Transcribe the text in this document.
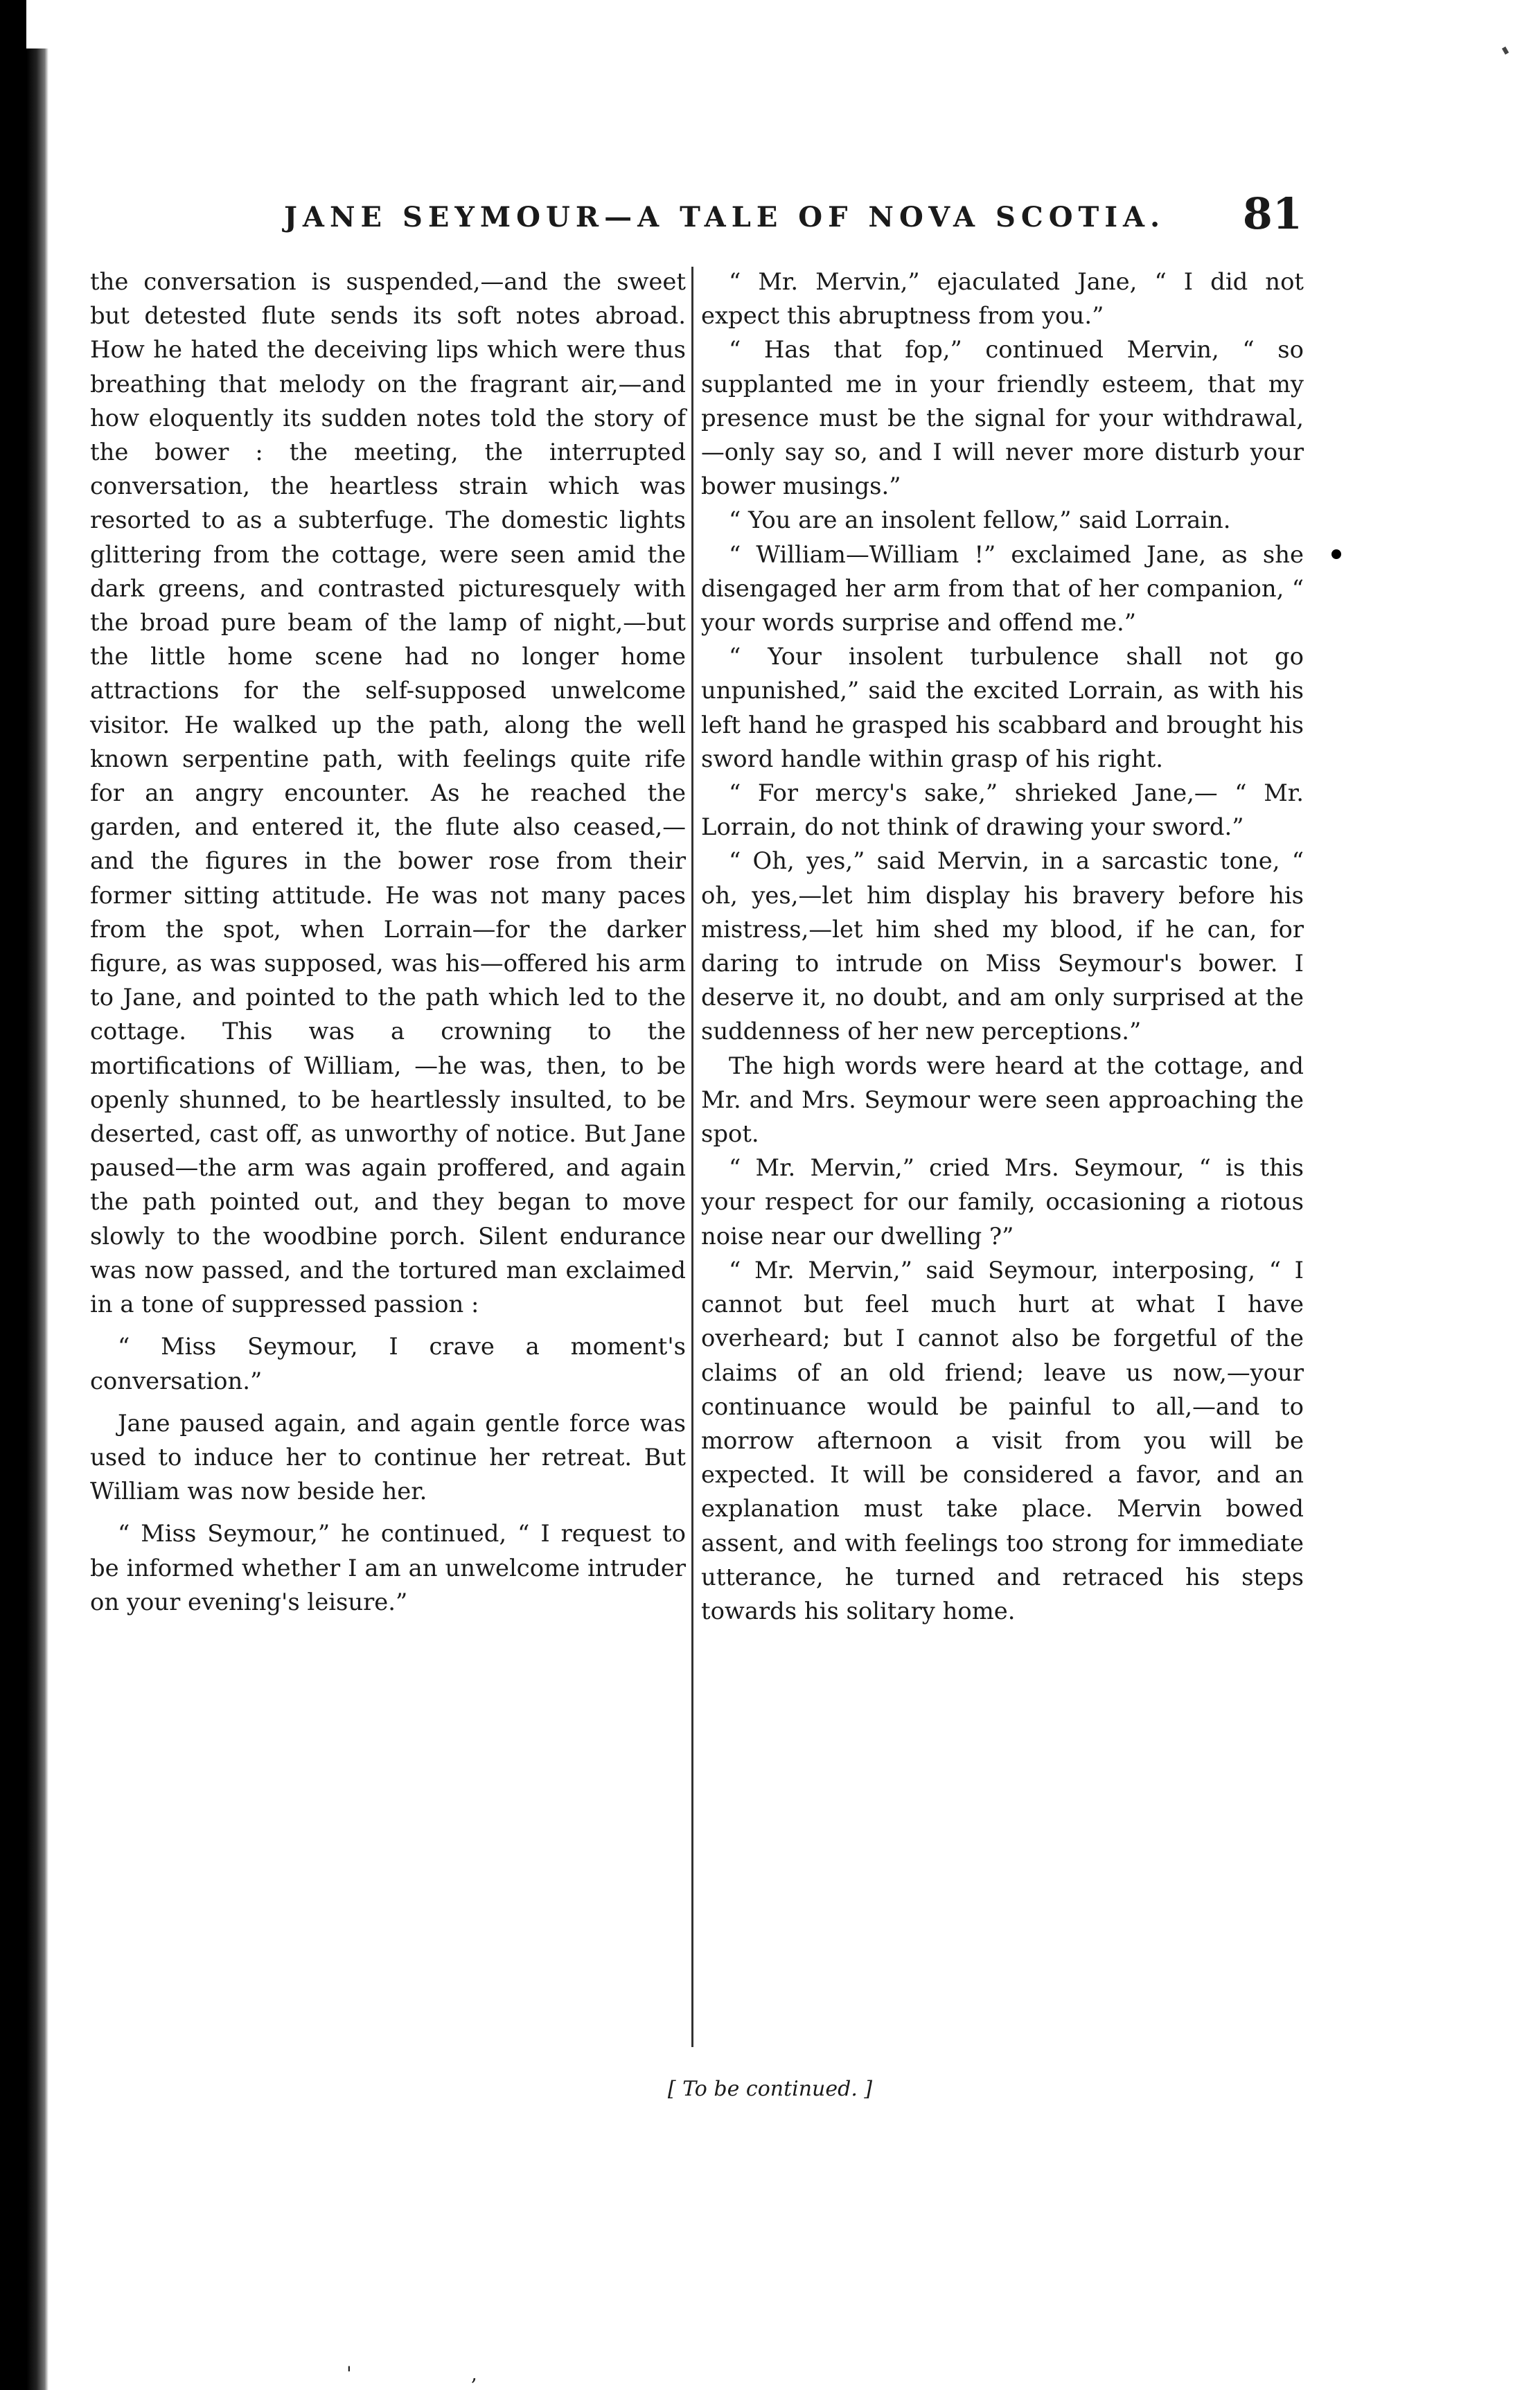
JANE SEYMOUR—A TALE OF NOVA SCOTIA. 81

the conversation is suspended,—and the sweet but detested flute sends its soft notes abroad. How he hated the deceiving lips which were thus breathing that melody on the fragrant air,—and how eloquently its sudden notes told the story of the bower : the meeting, the interrupted conversation, the heartless strain which was resorted to as a subterfuge. The domestic lights glittering from the cottage, were seen amid the dark greens, and contrasted picturesquely with the broad pure beam of the lamp of night,—but the little home scene had no longer home attractions for the self-supposed unwelcome visitor. He walked up the path, along the well known serpentine path, with feelings quite rife for an angry encounter. As he reached the garden, and entered it, the flute also ceased,—and the figures in the bower rose from their former sitting attitude. He was not many paces from the spot, when Lorrain—for the darker figure, as was supposed, was his—offered his arm to Jane, and pointed to the path which led to the cottage. This was a crowning to the mortifications of William, —he was, then, to be openly shunned, to be heartlessly insulted, to be deserted, cast off, as unworthy of notice. But Jane paused—the arm was again proffered, and again the path pointed out, and they began to move slowly to the woodbine porch. Silent endurance was now passed, and the tortured man exclaimed in a tone of suppressed passion :

“ Miss Seymour, I crave a moment's conversation.”

Jane paused again, and again gentle force was used to induce her to continue her retreat. But William was now beside her.

“ Miss Seymour,” he continued, “ I request to be informed whether I am an unwelcome intruder on your evening's leisure.”

“ Mr. Mervin,” ejaculated Jane, “ I did not expect this abruptness from you.”

“ Has that fop,” continued Mervin, “ so supplanted me in your friendly esteem, that my presence must be the signal for your withdrawal,—only say so, and I will never more disturb your bower musings.”

“ You are an insolent fellow,” said Lorrain.

“ William—William !” exclaimed Jane, as she disengaged her arm from that of her companion, “ your words surprise and offend me.”

“ Your insolent turbulence shall not go unpunished,” said the excited Lorrain, as with his left hand he grasped his scabbard and brought his sword handle within grasp of his right.

“ For mercy's sake,” shrieked Jane,— “ Mr. Lorrain, do not think of drawing your sword.”

“ Oh, yes,” said Mervin, in a sarcastic tone, “ oh, yes,—let him display his bravery before his mistress,—let him shed my blood, if he can, for daring to intrude on Miss Seymour's bower. I deserve it, no doubt, and am only surprised at the suddenness of her new perceptions.”

The high words were heard at the cottage, and Mr. and Mrs. Seymour were seen approaching the spot.

“ Mr. Mervin,” cried Mrs. Seymour, “ is this your respect for our family, occasioning a riotous noise near our dwelling ?”

“ Mr. Mervin,” said Seymour, interposing, “ I cannot but feel much hurt at what I have overheard; but I cannot also be forgetful of the claims of an old friend; leave us now,—your continuance would be painful to all,—and to morrow afternoon a visit from you will be expected. It will be considered a favor, and an explanation must take place. Mervin bowed assent, and with feelings too strong for immediate utterance, he turned and retraced his steps towards his solitary home.

[ To be continued. ]
'	,
